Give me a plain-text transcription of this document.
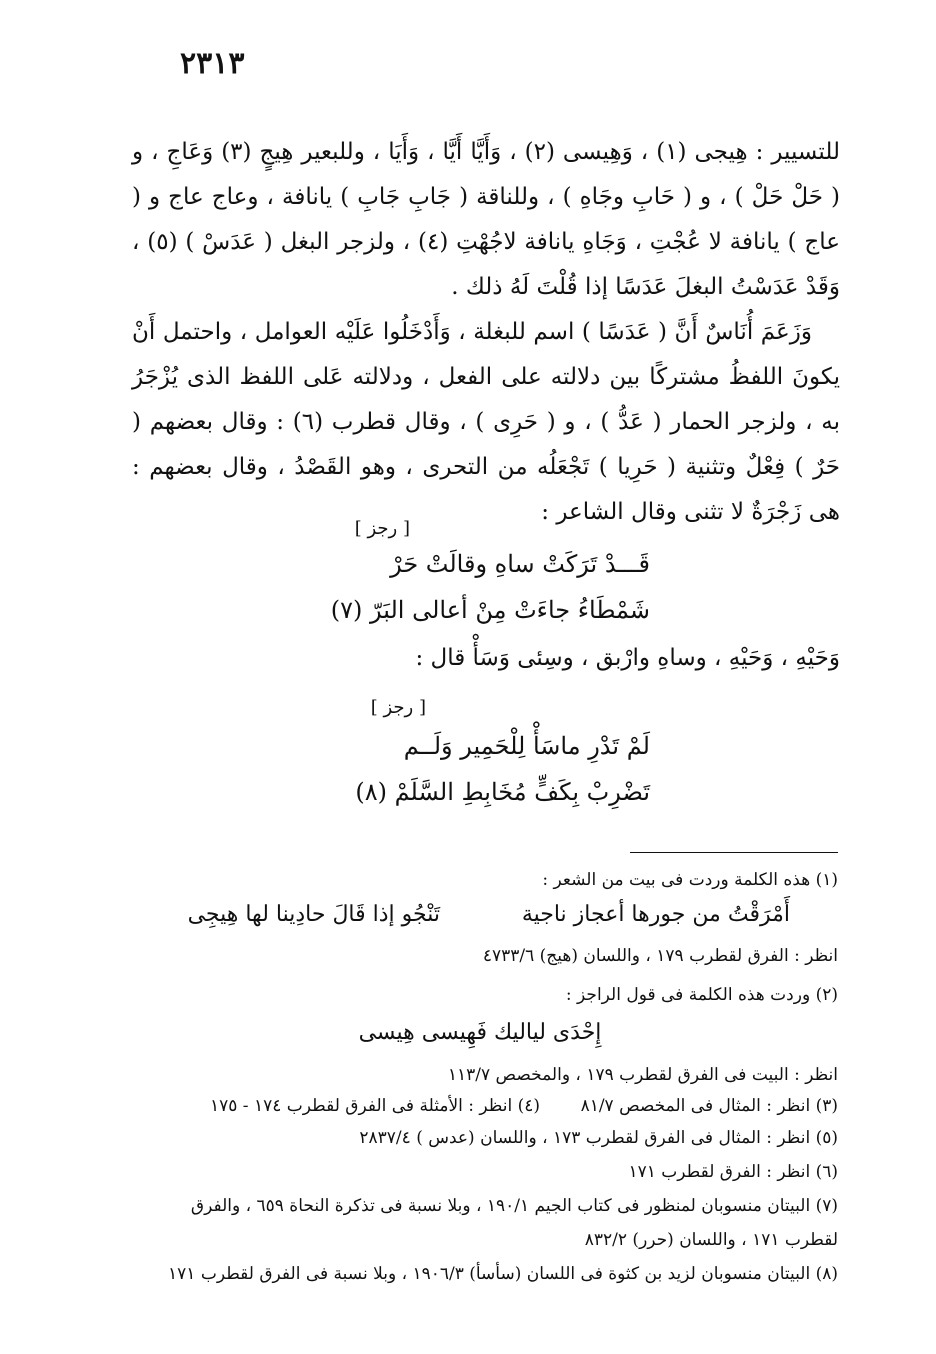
٢٣١٣

للتسيير : هِيجى (١) ، وَهِيسى (٢) ، وَأَيَّا أَيَّا ، وَأَيَا ، وللبعير هِيجٍ (٣) وَعَاجِ ، و ( حَلْ حَلْ ) ، و ( حَابِ وجَاهِ ) ، وللناقة ( جَابِ جَابِ ) يانافة ، وعاج عاج و ( عاج ) يانافة لا عُجْتِ ، وَجَاهِ يانافة لاجُهْتِ (٤) ، ولزجر البغل ( عَدَسْ ) (٥) ، وَقَدْ عَدَسْتُ البغلَ عَدَسًا إذا قُلْتَ لَهُ ذلك .

وَزَعَمَ أُنَاسٌ أَنَّ ( عَدَسًا ) اسم للبغلة ، وَأَدْخَلُوا عَلَيْه العوامل ، واحتمل أَنْ يكونَ اللفظُ مشتركًا بين دلالته على الفعل ، ودلالته عَلى اللفظ الذى يُزْجَرُ به ، ولزجر الحمار ( عَدُّ ) ، و ( حَرِى ) ، وقال قطرب (٦) : وقال بعضهم ( حَرٌ ) فِعْلٌ وتثنية ( حَرِيا ) تَجْعَلُه من التحرى ، وهو القَصْدُ ، وقال بعضهم : هى زَجْرَةٌ لا تثنى وقال الشاعر :

[ رجز ]
قَـــدْ تَرَكَتْ ساهِ وقالَتْ حَرْ
شَمْطَاءُ جاءَتْ مِنْ أعالى البَرّ (٧)
وَحَيْهِ ، وَحَيْهِ ، وساهِ وارْبق ، وسِئى وَسَأْ قال :
[ رجز ]
لَمْ تَدْرِ ماسَأْ لِلْحَمِير وَلَــم
تَضْرِبْ بِكَفٍّ مُخَابِطِ السَّلَمْ (٨)
(١) هذه الكلمة وردت فى بيت من الشعر :
تَنْجُو إذا قَالَ حادِينا لها هِيجِى	أَمْرَقْتُ من جورها أعجاز ناجية
انظر : الفرق لقطرب ١٧٩ ، واللسان (هيج) ٤٧٣٣/٦
(٢) وردت هذه الكلمة فى قول الراجز :
إِحْدَى لياليك فَهِيسى هِيسى
انظر : البيت فى الفرق لقطرب ١٧٩ ، والمخصص ١١٣/٧
(٣) انظر : المثال فى المخصص ٨١/٧
(٤) انظر : الأمثلة فى الفرق لقطرب ١٧٤ - ١٧٥
(٥) انظر : المثال فى الفرق لقطرب ١٧٣ ، واللسان (عدس ) ٢٨٣٧/٤
(٦) انظر : الفرق لقطرب ١٧١
(٧) البيتان منسوبان لمنظور فى كتاب الجيم ١٩٠/١ ، وبلا نسبة فى تذكرة النحاة ٦٥٩ ، والفرق
لقطرب ١٧١ ، واللسان (حرر) ٨٣٢/٢
(٨) البيتان منسوبان لزيد بن كثوة فى اللسان (سأسأ) ١٩٠٦/٣ ، وبلا نسبة فى الفرق لقطرب ١٧١
